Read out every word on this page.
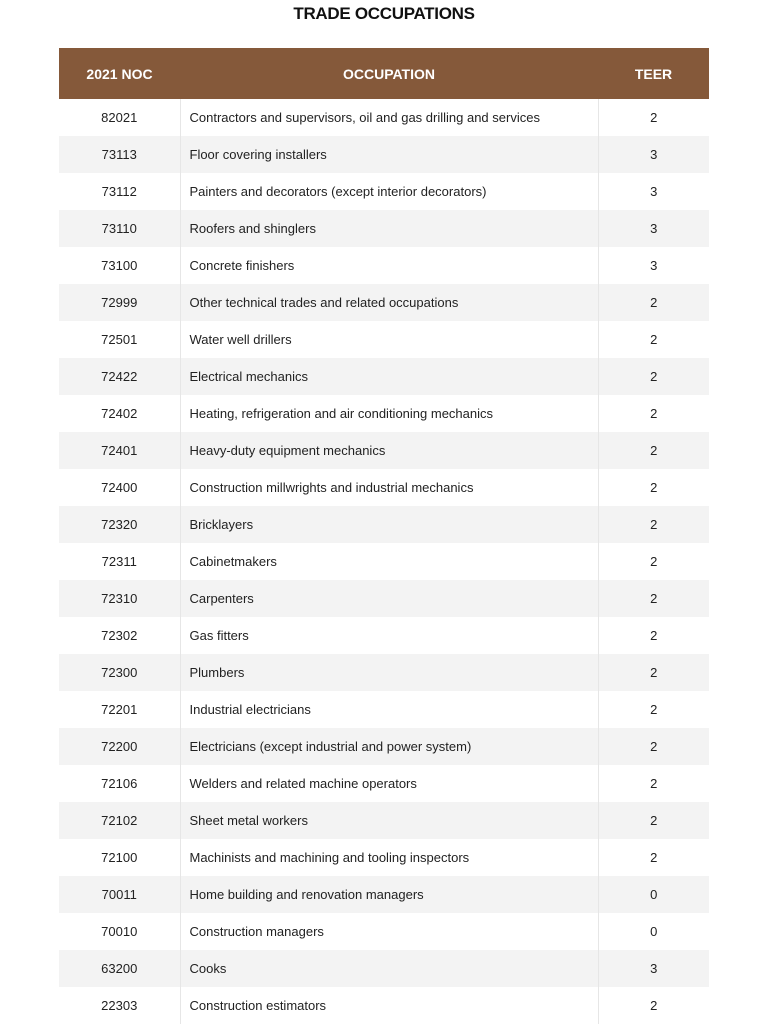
TRADE OCCUPATIONS
2021 NOC	OCCUPATION	TEER
82021	Contractors and supervisors, oil and gas drilling and services	2
73113	Floor covering installers	3
73112	Painters and decorators (except interior decorators)	3
73110	Roofers and shinglers	3
73100	Concrete finishers	3
72999	Other technical trades and related occupations	2
72501	Water well drillers	2
72422	Electrical mechanics	2
72402	Heating, refrigeration and air conditioning mechanics	2
72401	Heavy-duty equipment mechanics	2
72400	Construction millwrights and industrial mechanics	2
72320	Bricklayers	2
72311	Cabinetmakers	2
72310	Carpenters	2
72302	Gas fitters	2
72300	Plumbers	2
72201	Industrial electricians	2
72200	Electricians (except industrial and power system)	2
72106	Welders and related machine operators	2
72102	Sheet metal workers	2
72100	Machinists and machining and tooling inspectors	2
70011	Home building and renovation managers	0
70010	Construction managers	0
63200	Cooks	3
22303	Construction estimators	2
